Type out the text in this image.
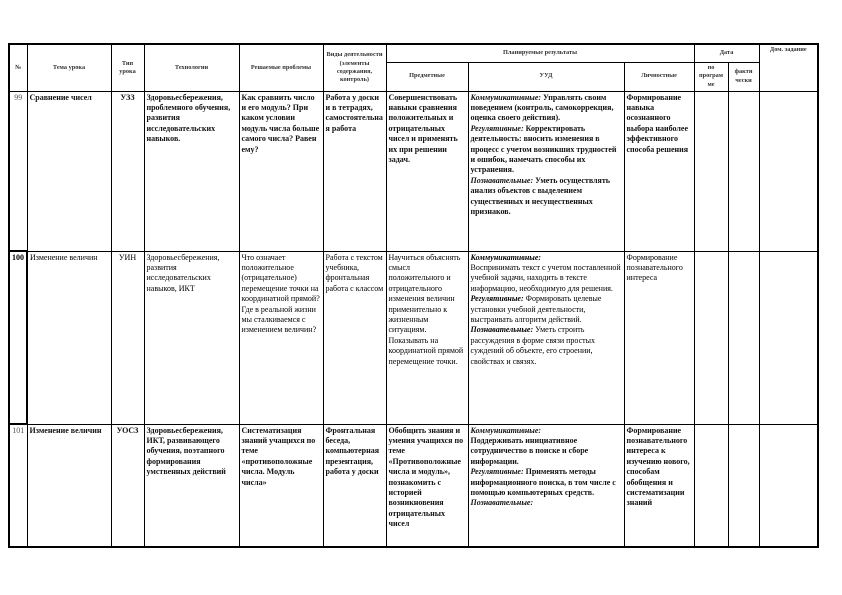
№	Тема урока	Тип урока	Технологии	Решаемые проблемы	Виды деятельности (элементы содержания, контроль)	Планируемые результаты			Дата		Дом. задание
						Предметные	УУД	Личностные	по програм ме	факти чески	
99	Сравнение чисел	УЗЗ	Здоровьесбережения, проблемного обучения, развития исследовательских навыков.	Как сравнить число и его модуль? При каком условии модуль числа больше самого числа? Равен ему?	Работа у доски и в тетрадях, самостоятельная работа	Совершенствовать навыки сравнения положительных и отрицательных чисел и применять их при решении задач.	Коммуникативные: Управлять своим поведением (контроль, самокоррекция, оценка своего действия).
Регулятивные: Корректировать деятельность: вносить изменения в процесс с учетом возникших трудностей и ошибок, намечать способы их устранения.
Познавательные: Уметь осуществлять анализ объектов с выделением существенных и несущественных признаков.	Формирование навыка осознанного выбора наиболее эффективного способа решения			
100	Изменение величин	УИН	Здоровьесбережения, развития исследовательских навыков, ИКТ	Что означает положительное (отрицательное) перемещение точки на координатной прямой? Где в реальной жизни мы сталкиваемся с изменением величин?	Работа с текстом учебника, фронтальная работа с классом	Научиться объяснять смысл положительного и отрицательного изменения величин применительно к жизненным ситуациям. Показывать на координатной прямой перемещение точки.	Коммуникативные:
Воспринимать текст с учетом поставленной учебной задачи, находить в тексте информацию, необходимую для решения.
Регулятивные: Формировать целевые установки учебной деятельности, выстраивать алгоритм действий.
Познавательные: Уметь строить рассуждения в форме связи простых суждений об объекте, его строении, свойствах и связях.	Формирование познавательного интереса			
101	Изменение величин	УОСЗ	Здоровьесбережения, ИКТ, развивающего обучения, поэтапного формирования умственных действий	Систематизация знаний учащихся по теме «противоположные числа. Модуль числа»	Фронтальная беседа, компьютерная презентация, работа у доски	Обобщить знания и умения учащихся по теме «Противоположные числа и модуль», познакомить с историей возникновения отрицательных чисел	Коммуникативные:
Поддерживать инициативное сотрудничество в поиске и сборе информации.
Регулятивные: Применять методы информационного поиска, в том числе с помощью компьютерных средств.
Познавательные:	Формирование познавательного интереса к изучению нового, способам обобщения и систематизации знаний			
